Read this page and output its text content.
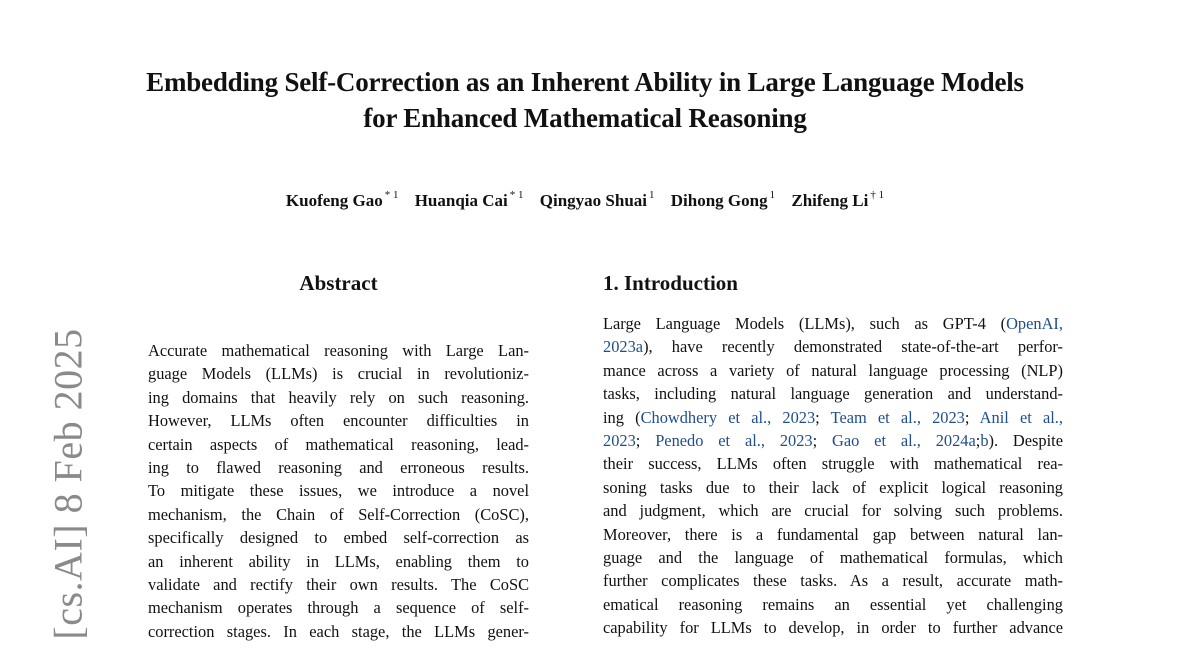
Embedding Self-Correction as an Inherent Ability in Large Language Models
for Enhanced Mathematical Reasoning
Kuofeng Gao $^{* 1}$ Huanqia Cai $^{* 1}$ Qingyao Shuai $^1$ Dihong Gong $^1$ Zhifeng Li $^{\dagger 1}$
[cs.AI] 8 Feb 2025
Abstract
Accurate mathematical reasoning with Large Lan-
guage Models (LLMs) is crucial in revolutioniz-
ing domains that heavily rely on such reasoning.
However, LLMs often encounter difficulties in
certain aspects of mathematical reasoning, lead-
ing to flawed reasoning and erroneous results.
To mitigate these issues, we introduce a novel
mechanism, the Chain of Self-Correction (CoSC),
specifically designed to embed self-correction as
an inherent ability in LLMs, enabling them to
validate and rectify their own results. The CoSC
mechanism operates through a sequence of self-
correction stages. In each stage, the LLMs gener-
1. Introduction
Large Language Models (LLMs), such as GPT-4 (OpenAI,
2023a), have recently demonstrated state-of-the-art perfor-
mance across a variety of natural language processing (NLP)
tasks, including natural language generation and understand-
ing (Chowdhery et al., 2023; Team et al., 2023; Anil et al.,
2023; Penedo et al., 2023; Gao et al., 2024a;b). Despite
their success, LLMs often struggle with mathematical rea-
soning tasks due to their lack of explicit logical reasoning
and judgment, which are crucial for solving such problems.
Moreover, there is a fundamental gap between natural lan-
guage and the language of mathematical formulas, which
further complicates these tasks. As a result, accurate math-
ematical reasoning remains an essential yet challenging
capability for LLMs to develop, in order to further advance
